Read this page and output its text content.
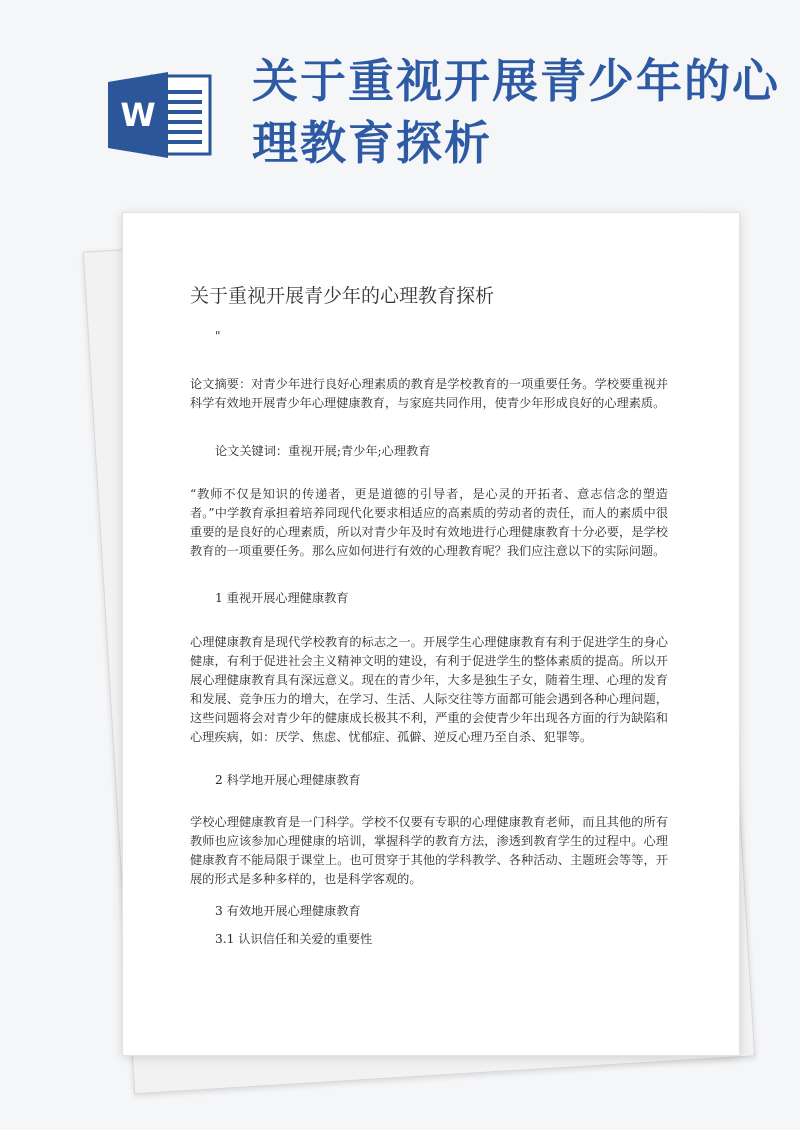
W
关于重视开展青少年的心理教育探析
关于重视开展青少年的心理教育探析
"

论文摘要：对青少年进行良好心理素质的教育是学校教育的一项重要任务。学校要重视并科学有效地开展青少年心理健康教育，与家庭共同作用，使青少年形成良好的心理素质。

论文关键词：重视开展;青少年;心理教育

“教师不仅是知识的传递者，更是道德的引导者，是心灵的开拓者、意志信念的塑造者。”中学教育承担着培养同现代化要求相适应的高素质的劳动者的责任，而人的素质中很重要的是良好的心理素质，所以对青少年及时有效地进行心理健康教育十分必要，是学校教育的一项重要任务。那么应如何进行有效的心理教育呢？我们应注意以下的实际问题。

1 重视开展心理健康教育

心理健康教育是现代学校教育的标志之一。开展学生心理健康教育有利于促进学生的身心健康，有利于促进社会主义精神文明的建设，有利于促进学生的整体素质的提高。所以开展心理健康教育具有深远意义。现在的青少年，大多是独生子女，随着生理、心理的发育和发展、竞争压力的增大，在学习、生活、人际交往等方面都可能会遇到各种心理问题，这些问题将会对青少年的健康成长极其不利，严重的会使青少年出现各方面的行为缺陷和心理疾病，如：厌学、焦虑、忧郁症、孤僻、逆反心理乃至自杀、犯罪等。

2 科学地开展心理健康教育

学校心理健康教育是一门科学。学校不仅要有专职的心理健康教育老师，而且其他的所有教师也应该参加心理健康的培训，掌握科学的教育方法，渗透到教育学生的过程中。心理健康教育不能局限于课堂上。也可贯穿于其他的学科教学、各种活动、主题班会等等，开展的形式是多种多样的，也是科学客观的。

3 有效地开展心理健康教育

3.1 认识信任和关爱的重要性
